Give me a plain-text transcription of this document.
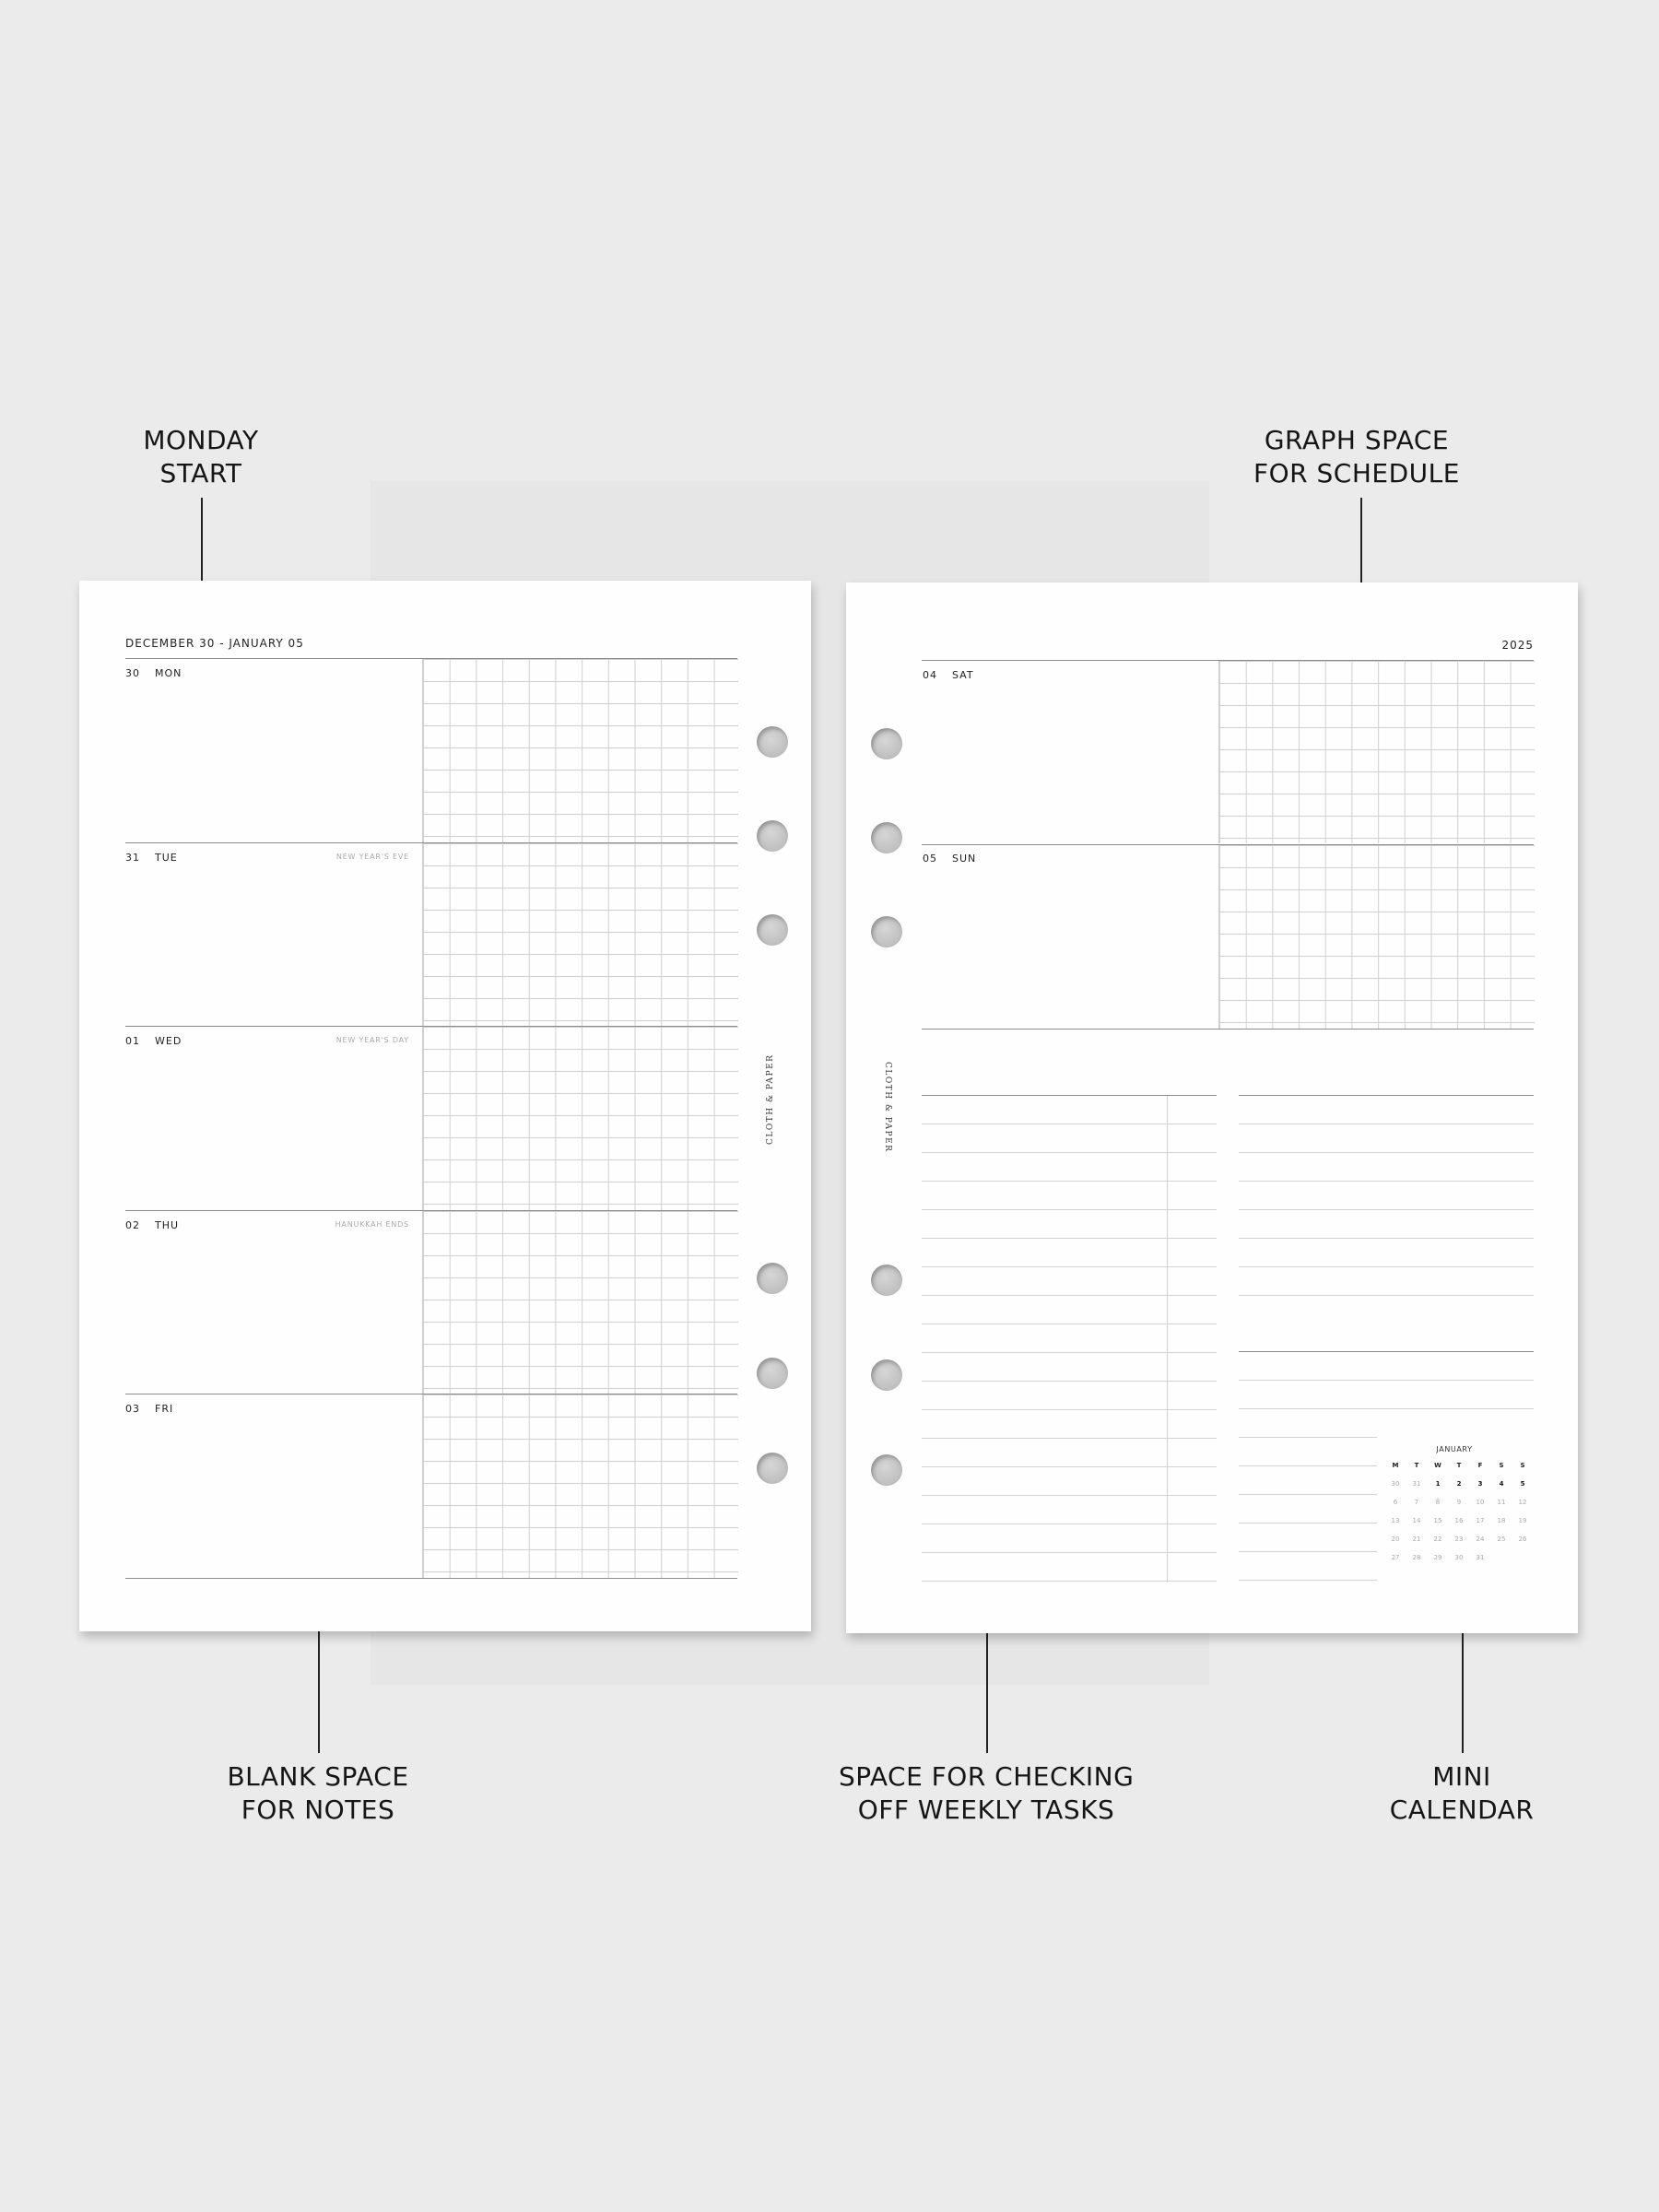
MONDAY
START
GRAPH SPACE
FOR SCHEDULE
BLANK SPACE
FOR NOTES
SPACE FOR CHECKING
OFF WEEKLY TASKS
MINI
CALENDAR
DECEMBER 30 - JANUARY 05
30 MON
31 TUE	NEW YEAR'S EVE
01 WED	NEW YEAR'S DAY
02 THU	HANUKKAH ENDS
03 FRI
CLOTH & PAPER
2025
04 SAT
05 SUN
JANUARY
M	T	W	T	F	S	S
30	31	1	2	3	4	5
6	7	8	9	10	11	12
13	14	15	16	17	18	19
20	21	22	23	24	25	26
27	28	29	30	31
CLOTH & PAPER
